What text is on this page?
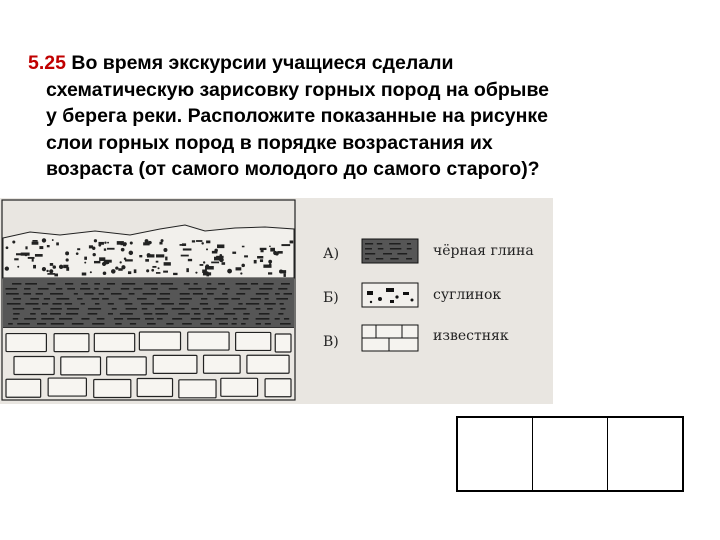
5.25 Во время экскурсии учащиеся сделали
схематическую зарисовку горных пород на обрыве
у берега реки. Расположите показанные на рисунке
слои горных пород в порядке возрастания их
возраста (от самого молодого до самого старого)?
А)	чёрная глина
Б)	суглинок
В)	известняк
